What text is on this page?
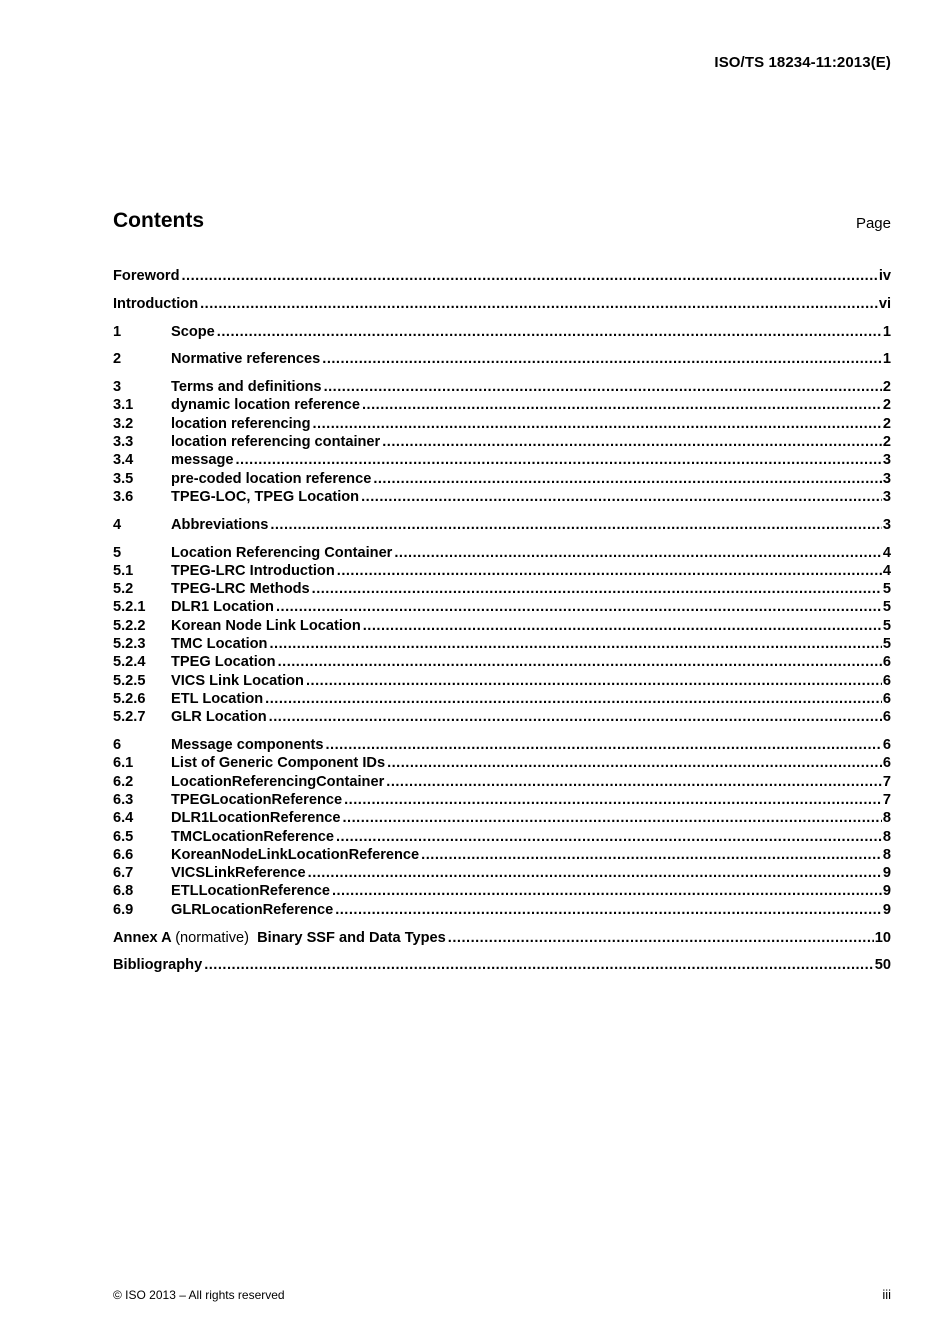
ISO/TS 18234-11:2013(E)
Contents	Page
Foreword .....	iv
Introduction .....	vi
1	Scope .....	1
2	Normative references .....	1
3	Terms and definitions .....	2
3.1	dynamic location reference .....	2
3.2	location referencing .....	2
3.3	location referencing container .....	2
3.4	message .....	3
3.5	pre-coded location reference .....	3
3.6	TPEG-LOC, TPEG Location .....	3
4	Abbreviations .....	3
5	Location Referencing Container .....	4
5.1	TPEG-LRC Introduction .....	4
5.2	TPEG-LRC Methods .....	5
5.2.1	DLR1 Location .....	5
5.2.2	Korean Node Link Location .....	5
5.2.3	TMC Location .....	5
5.2.4	TPEG Location .....	6
5.2.5	VICS Link Location .....	6
5.2.6	ETL Location .....	6
5.2.7	GLR Location .....	6
6	Message components .....	6
6.1	List of Generic Component IDs .....	6
6.2	LocationReferencingContainer .....	7
6.3	TPEGLocationReference .....	7
6.4	DLR1LocationReference .....	8
6.5	TMCLocationReference .....	8
6.6	KoreanNodeLinkLocationReference .....	8
6.7	VICSLinkReference .....	9
6.8	ETLLocationReference .....	9
6.9	GLRLocationReference .....	9
Annex A (normative) Binary SSF and Data Types .....	10
Bibliography .....	50
© ISO 2013 – All rights reserved	iii
